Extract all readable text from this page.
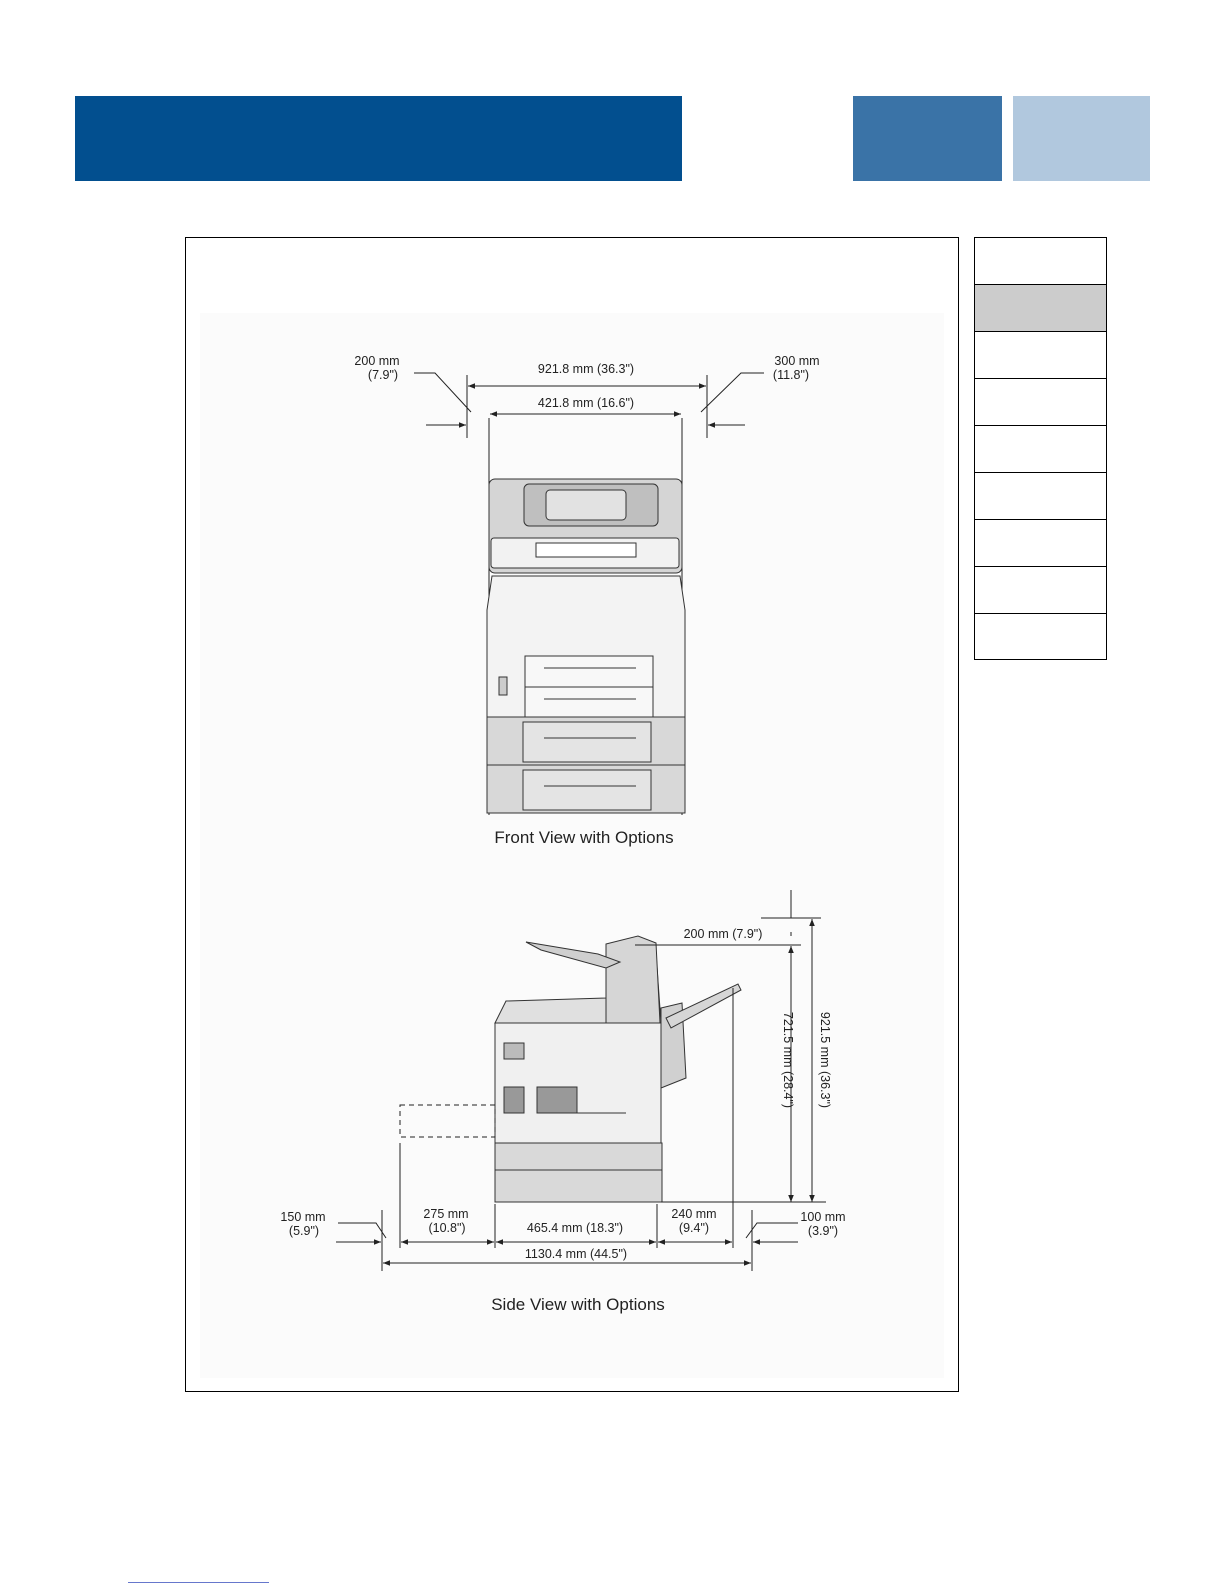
200 mm
(7.9")
300 mm
(11.8")
921.8 mm (36.3")
421.8 mm (16.6")
Front View with Options
200 mm (7.9")
721.5 mm (28.4") 921.5 mm (36.3")
150 mm
(5.9")
275 mm
(10.8")	465.4 mm (18.3")
240 mm
(9.4")
100 mm
(3.9")
1130.4 mm (44.5")
Side View with Options
